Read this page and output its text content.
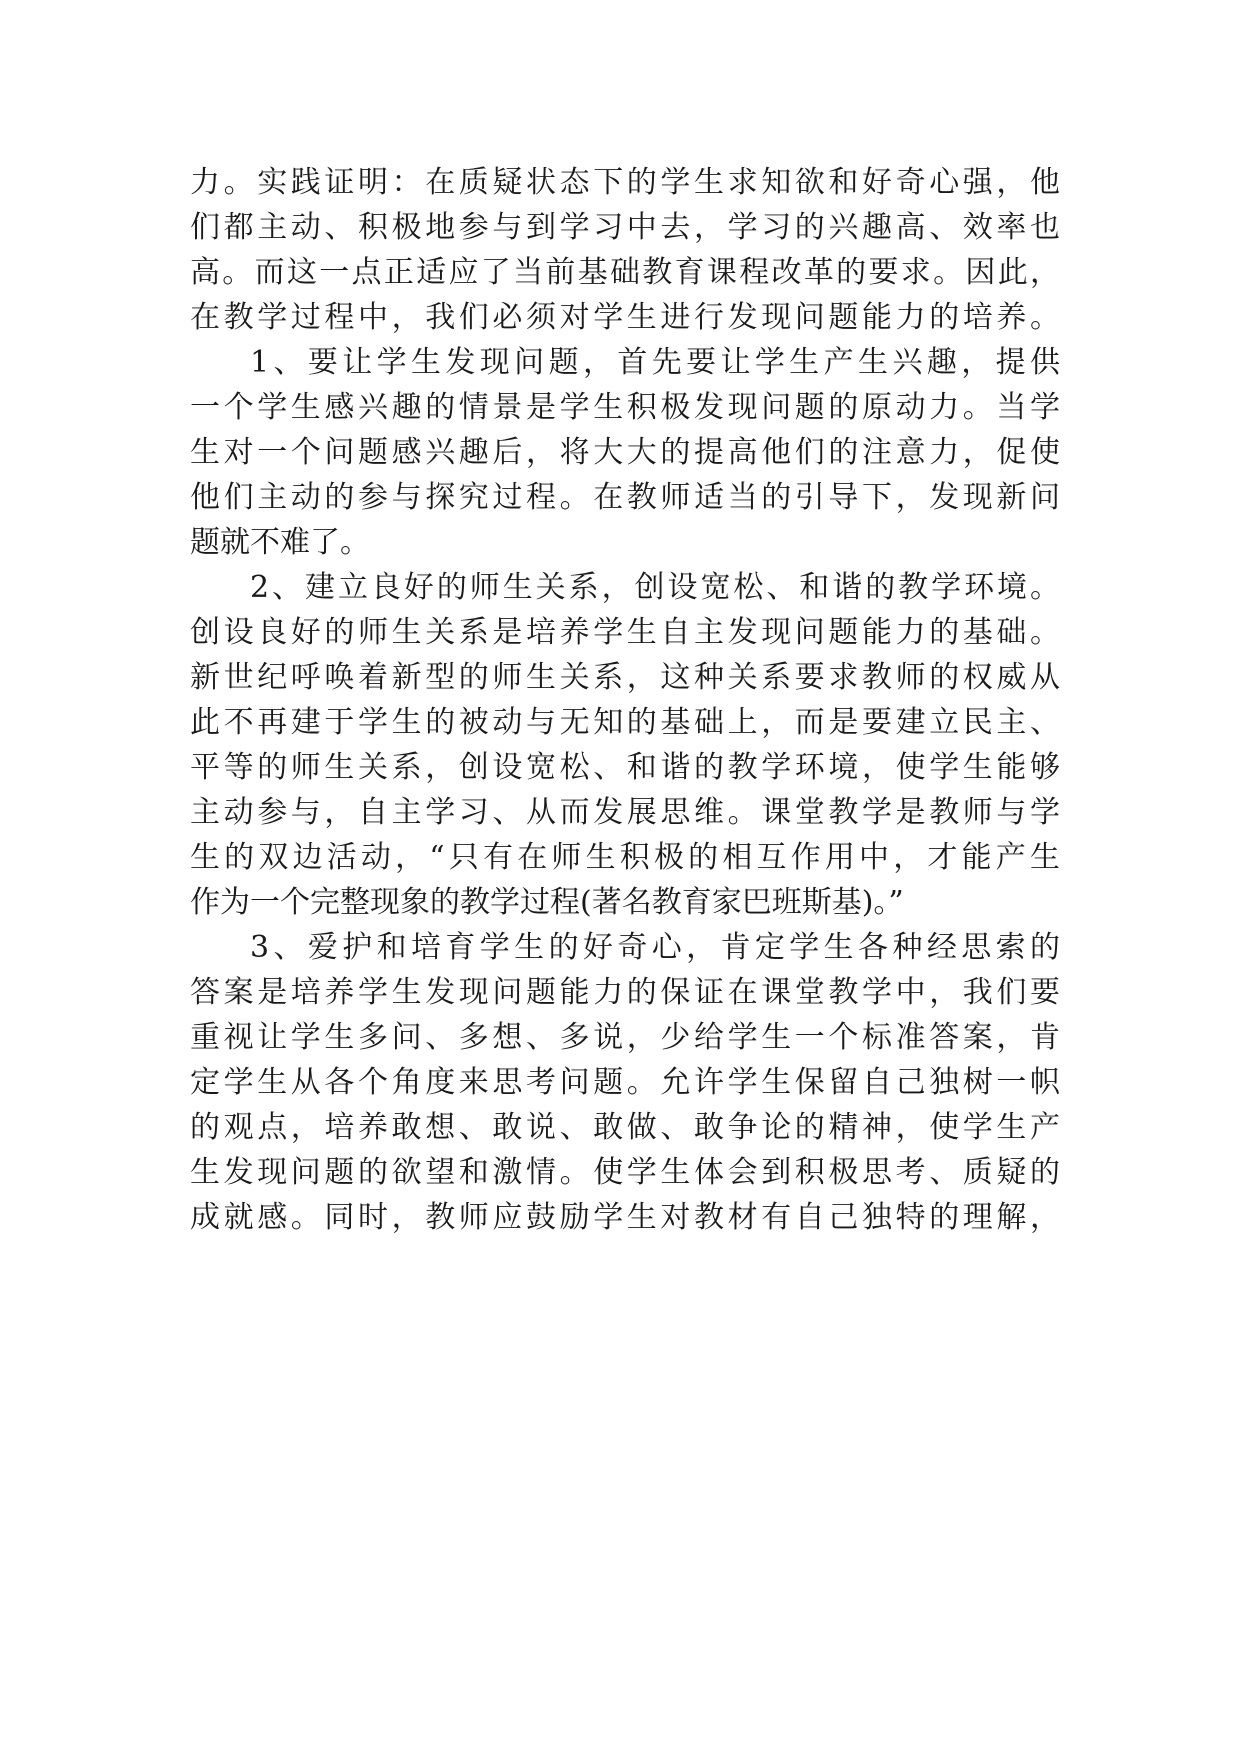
力。实践证明：在质疑状态下的学生求知欲和好奇心强，他
们都主动、积极地参与到学习中去，学习的兴趣高、效率也
高。而这一点正适应了当前基础教育课程改革的要求。因此，
在教学过程中，我们必须对学生进行发现问题能力的培养。
1、要让学生发现问题，首先要让学生产生兴趣，提供
一个学生感兴趣的情景是学生积极发现问题的原动力。当学
生对一个问题感兴趣后，将大大的提高他们的注意力，促使
他们主动的参与探究过程。在教师适当的引导下，发现新问
题就不难了。
2、建立良好的师生关系，创设宽松、和谐的教学环境。
创设良好的师生关系是培养学生自主发现问题能力的基础。
新世纪呼唤着新型的师生关系，这种关系要求教师的权威从
此不再建于学生的被动与无知的基础上，而是要建立民主、
平等的师生关系，创设宽松、和谐的教学环境，使学生能够
主动参与，自主学习、从而发展思维。课堂教学是教师与学
生的双边活动，“只有在师生积极的相互作用中，才能产生
作为一个完整现象的教学过程(著名教育家巴班斯基)。”
3、爱护和培育学生的好奇心，肯定学生各种经思索的
答案是培养学生发现问题能力的保证在课堂教学中，我们要
重视让学生多问、多想、多说，少给学生一个标准答案，肯
定学生从各个角度来思考问题。允许学生保留自己独树一帜
的观点，培养敢想、敢说、敢做、敢争论的精神，使学生产
生发现问题的欲望和激情。使学生体会到积极思考、质疑的
成就感。同时，教师应鼓励学生对教材有自己独特的理解，
